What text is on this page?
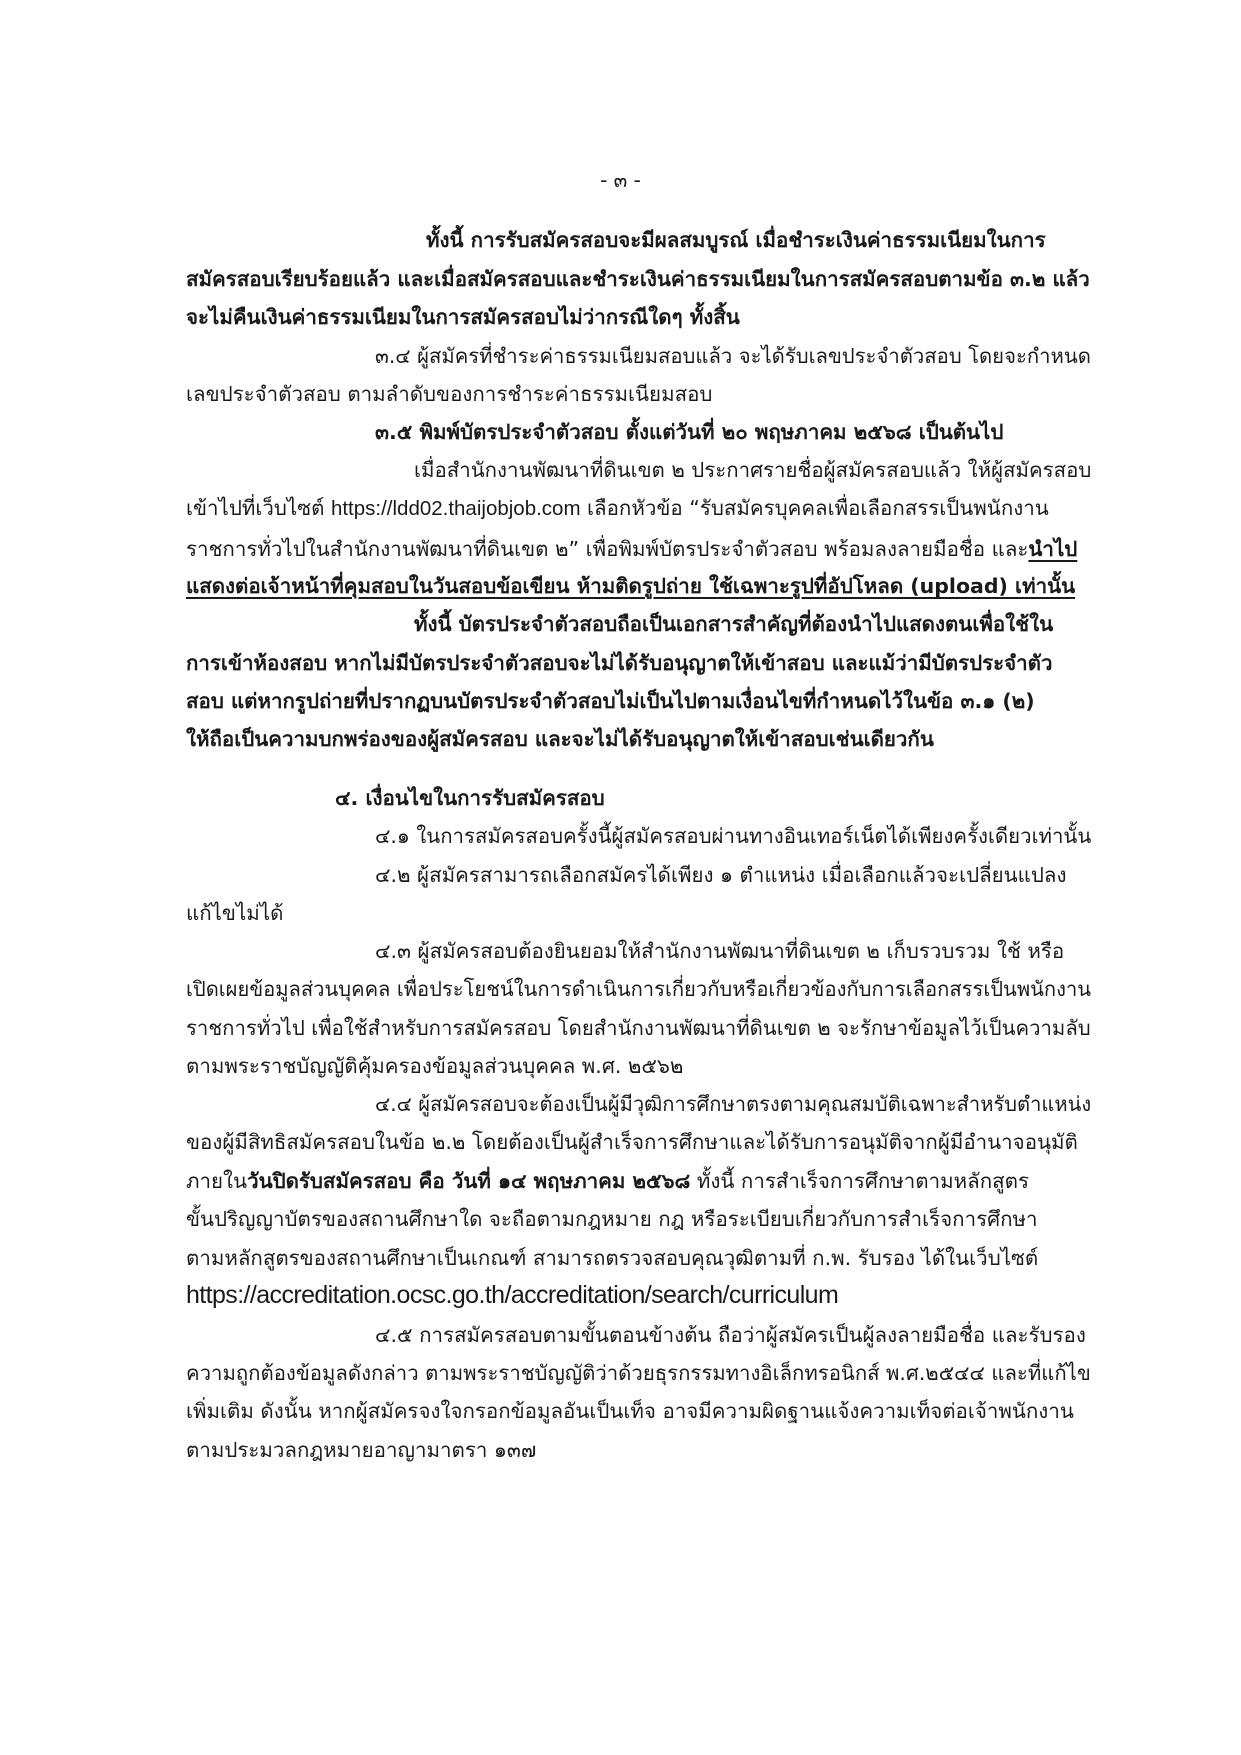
- ๓ -
ทั้งนี้ การรับสมัครสอบจะมีผลสมบูรณ์ เมื่อชำระเงินค่าธรรมเนียมในการ
สมัครสอบเรียบร้อยแล้ว และเมื่อสมัครสอบและชำระเงินค่าธรรมเนียมในการสมัครสอบตามข้อ ๓.๒ แล้ว
จะไม่คืนเงินค่าธรรมเนียมในการสมัครสอบไม่ว่ากรณีใดๆ ทั้งสิ้น
๓.๔ ผู้สมัครที่ชำระค่าธรรมเนียมสอบแล้ว จะได้รับเลขประจำตัวสอบ โดยจะกำหนด
เลขประจำตัวสอบ ตามลำดับของการชำระค่าธรรมเนียมสอบ
๓.๕ พิมพ์บัตรประจำตัวสอบ ตั้งแต่วันที่ ๒๐ พฤษภาคม ๒๕๖๘ เป็นต้นไป
เมื่อสำนักงานพัฒนาที่ดินเขต ๒ ประกาศรายชื่อผู้สมัครสอบแล้ว ให้ผู้สมัครสอบ
เข้าไปที่เว็บไซต์ https://ldd02.thaijobjob.com เลือกหัวข้อ “รับสมัครบุคคลเพื่อเลือกสรรเป็นพนักงาน
ราชการทั่วไปในสำนักงานพัฒนาที่ดินเขต ๒” เพื่อพิมพ์บัตรประจำตัวสอบ พร้อมลงลายมือชื่อ และนำไป
แสดงต่อเจ้าหน้าที่คุมสอบในวันสอบข้อเขียน ห้ามติดรูปถ่าย ใช้เฉพาะรูปที่อัปโหลด (upload) เท่านั้น
ทั้งนี้ บัตรประจำตัวสอบถือเป็นเอกสารสำคัญที่ต้องนำไปแสดงตนเพื่อใช้ใน
การเข้าห้องสอบ หากไม่มีบัตรประจำตัวสอบจะไม่ได้รับอนุญาตให้เข้าสอบ และแม้ว่ามีบัตรประจำตัว
สอบ แต่หากรูปถ่ายที่ปรากฏบนบัตรประจำตัวสอบไม่เป็นไปตามเงื่อนไขที่กำหนดไว้ในข้อ ๓.๑ (๒)
ให้ถือเป็นความบกพร่องของผู้สมัครสอบ และจะไม่ได้รับอนุญาตให้เข้าสอบเช่นเดียวกัน
๔. เงื่อนไขในการรับสมัครสอบ
๔.๑ ในการสมัครสอบครั้งนี้ผู้สมัครสอบผ่านทางอินเทอร์เน็ตได้เพียงครั้งเดียวเท่านั้น
๔.๒ ผู้สมัครสามารถเลือกสมัครได้เพียง ๑ ตำแหน่ง เมื่อเลือกแล้วจะเปลี่ยนแปลง
แก้ไขไม่ได้
๔.๓ ผู้สมัครสอบต้องยินยอมให้สำนักงานพัฒนาที่ดินเขต ๒ เก็บรวบรวม ใช้ หรือ
เปิดเผยข้อมูลส่วนบุคคล เพื่อประโยชน์ในการดำเนินการเกี่ยวกับหรือเกี่ยวข้องกับการเลือกสรรเป็นพนักงาน
ราชการทั่วไป เพื่อใช้สำหรับการสมัครสอบ โดยสำนักงานพัฒนาที่ดินเขต ๒ จะรักษาข้อมูลไว้เป็นความลับ
ตามพระราชบัญญัติคุ้มครองข้อมูลส่วนบุคคล พ.ศ. ๒๕๖๒
๔.๔ ผู้สมัครสอบจะต้องเป็นผู้มีวุฒิการศึกษาตรงตามคุณสมบัติเฉพาะสำหรับตำแหน่ง
ของผู้มีสิทธิสมัครสอบในข้อ ๒.๒ โดยต้องเป็นผู้สำเร็จการศึกษาและได้รับการอนุมัติจากผู้มีอำนาจอนุมัติ
ภายในวันปิดรับสมัครสอบ คือ วันที่ ๑๔ พฤษภาคม ๒๕๖๘ ทั้งนี้ การสำเร็จการศึกษาตามหลักสูตร
ขั้นปริญญาบัตรของสถานศึกษาใด จะถือตามกฎหมาย กฎ หรือระเบียบเกี่ยวกับการสำเร็จการศึกษา
ตามหลักสูตรของสถานศึกษาเป็นเกณฑ์ สามารถตรวจสอบคุณวุฒิตามที่ ก.พ. รับรอง ได้ในเว็บไซต์
https://accreditation.ocsc.go.th/accreditation/search/curriculum
๔.๕ การสมัครสอบตามขั้นตอนข้างต้น ถือว่าผู้สมัครเป็นผู้ลงลายมือชื่อ และรับรอง
ความถูกต้องข้อมูลดังกล่าว ตามพระราชบัญญัติว่าด้วยธุรกรรมทางอิเล็กทรอนิกส์ พ.ศ.๒๕๔๔ และที่แก้ไข
เพิ่มเติม ดังนั้น หากผู้สมัครจงใจกรอกข้อมูลอันเป็นเท็จ อาจมีความผิดฐานแจ้งความเท็จต่อเจ้าพนักงาน
ตามประมวลกฎหมายอาญามาตรา ๑๓๗
